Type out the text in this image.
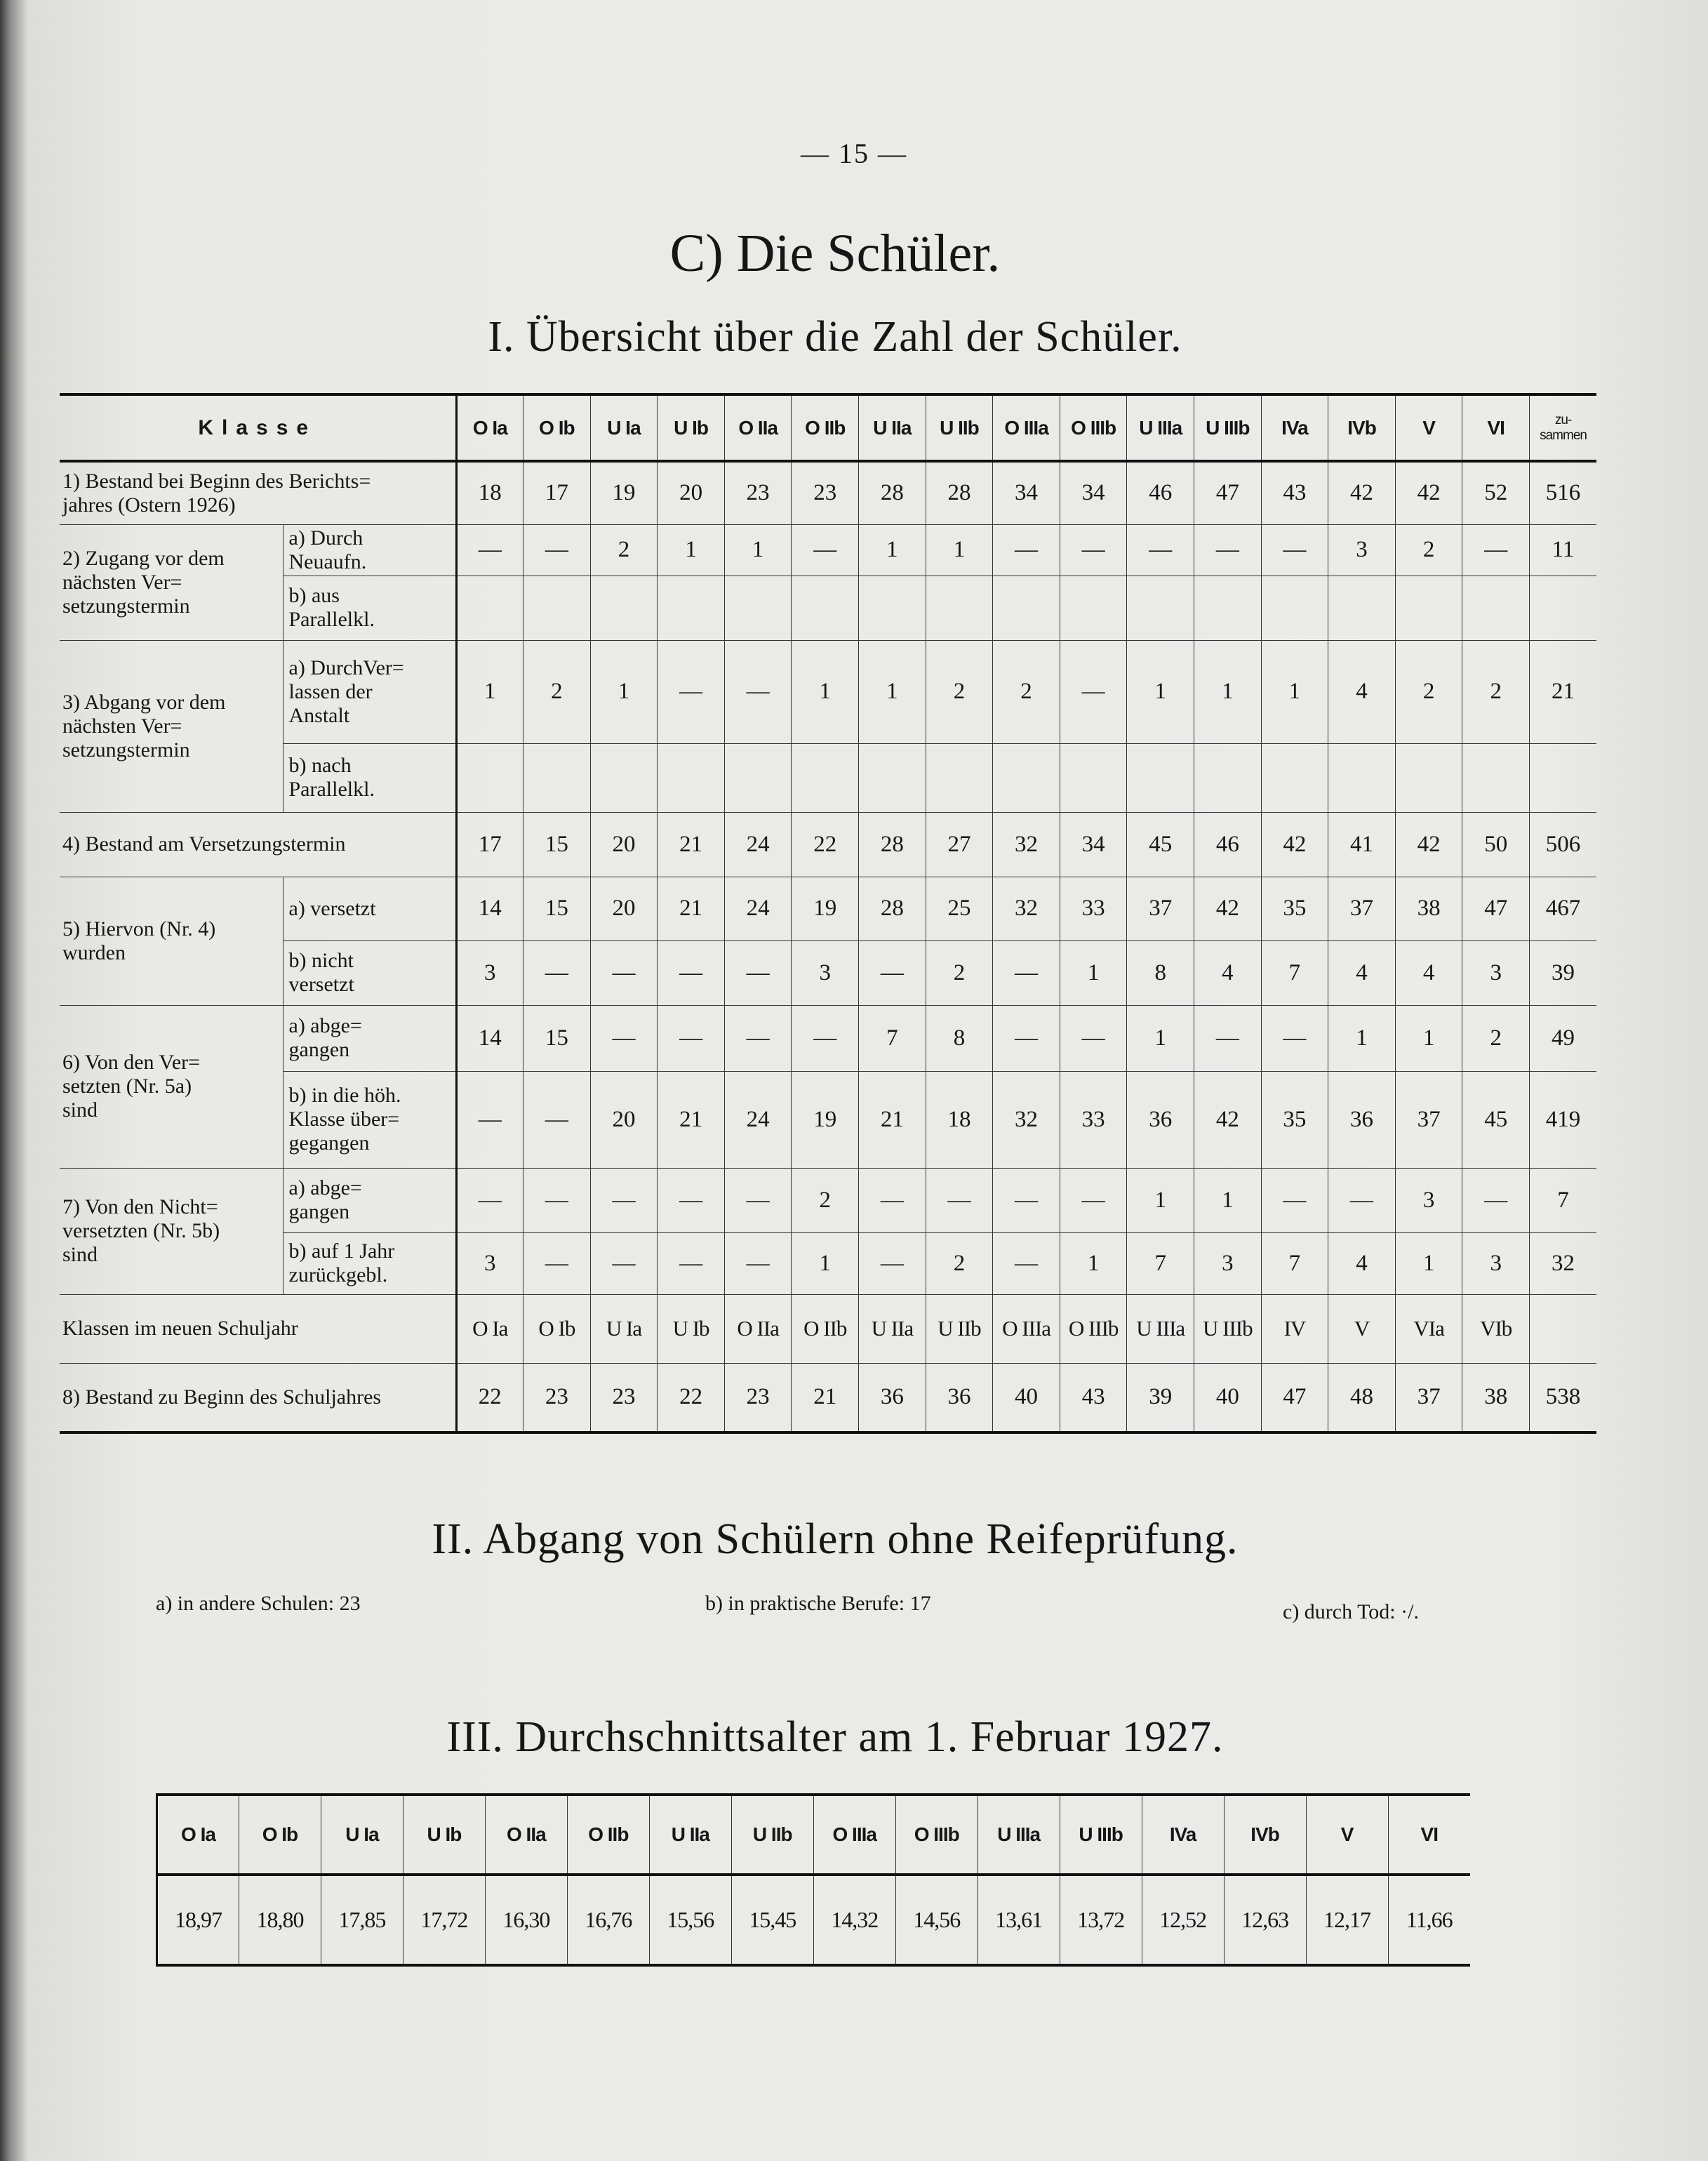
— 15 —
C) Die Schüler.
I. Übersicht über die Zahl der Schüler.
Klasse		O Ia	O Ib	U Ia	U Ib	O IIa	O IIb	U IIa	U IIb	O IIIa	O IIIb	U IIIa	U IIIb	IVa	IVb	V	VI	zu-
sammen
1) Bestand bei Beginn des Berichts=
jahres (Ostern 1926)		18	17	19	20	23	23	28	28	34	34	46	47	43	42	42	52	516
2) Zugang vor dem
nächsten Ver=
setzungstermin	a) Durch
Neuaufn.	—	—	2	1	1	—	1	1	—	—	—	—	—	3	2	—	11
	b) aus
Parallelkl.																	
3) Abgang vor dem
nächsten Ver=
setzungstermin	a) DurchVer=
lassen der
Anstalt	1	2	1	—	—	1	1	2	2	—	1	1	1	4	2	2	21
	b) nach
Parallelkl.																	
4) Bestand am Versetzungstermin		17	15	20	21	24	22	28	27	32	34	45	46	42	41	42	50	506
5) Hiervon (Nr. 4)
wurden	a) versetzt	14	15	20	21	24	19	28	25	32	33	37	42	35	37	38	47	467
	b) nicht
versetzt	3	—	—	—	—	3	—	2	—	1	8	4	7	4	4	3	39
6) Von den Ver=
setzten (Nr. 5a)
sind	a) abge=
gangen	14	15	—	—	—	—	7	8	—	—	1	—	—	1	1	2	49
	b) in die höh.
Klasse über=
gegangen	—	—	20	21	24	19	21	18	32	33	36	42	35	36	37	45	419
7) Von den Nicht=
versetzten (Nr. 5b)
sind	a) abge=
gangen	—	—	—	—	—	2	—	—	—	—	1	1	—	—	3	—	7
	b) auf 1 Jahr
zurückgebl.	3	—	—	—	—	1	—	2	—	1	7	3	7	4	1	3	32
Klassen im neuen Schuljahr		O Ia	O Ib	U Ia	U Ib	O IIa	O IIb	U IIa	U IIb	O IIIa	O IIIb	U IIIa	U IIIb	IV	V	VIa	VIb	
8) Bestand zu Beginn des Schuljahres		22	23	23	22	23	21	36	36	40	43	39	40	47	48	37	38	538
II. Abgang von Schülern ohne Reifeprüfung.
a) in andere Schulen: 23	b) in praktische Berufe: 17	c) durch Tod: ·/.
III. Durchschnittsalter am 1. Februar 1927.
O Ia	O Ib	U Ia	U Ib	O IIa	O IIb	U IIa	U IIb	O IIIa	O IIIb	U IIIa	U IIIb	IVa	IVb	V	VI
18,97	18,80	17,85	17,72	16,30	16,76	15,56	15,45	14,32	14,56	13,61	13,72	12,52	12,63	12,17	11,66
